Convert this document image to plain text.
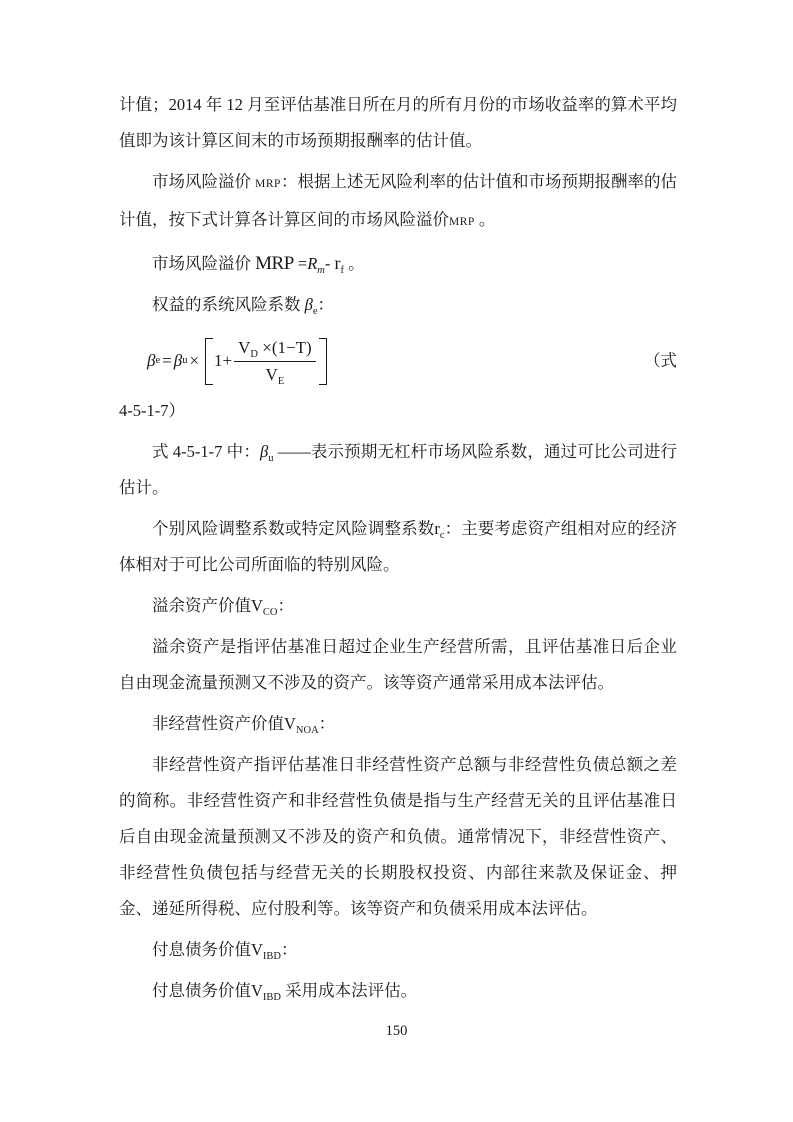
计值；2014 年 12 月至评估基准日所在月的所有月份的市场收益率的算术平均值即为该计算区间末的市场预期报酬率的估计值。

市场风险溢价 MRP：根据上述无风险利率的估计值和市场预期报酬率的估计值，按下式计算各计算区间的市场风险溢价MRP 。

市场风险溢价 MRP $=R_m-$ $r_f$ 。

权益的系统风险系数 $\beta_e$：

β e = β $u \times 1+ \frac{V_D \times(1-T)}{V_E}$	（式

4-5-1-7）

式 4-5-1-7 中：$\beta_u$ ——表示预期无杠杆市场风险系数，通过可比公司进行估计。

个别风险调整系数或特定风险调整系数$r_c$：主要考虑资产组相对应的经济体相对于可比公司所面临的特别风险。

溢余资产价值$V_{CO}$：

溢余资产是指评估基准日超过企业生产经营所需，且评估基准日后企业自由现金流量预测又不涉及的资产。该等资产通常采用成本法评估。

非经营性资产价值$V_{NOA}$：

非经营性资产指评估基准日非经营性资产总额与非经营性负债总额之差的简称。非经营性资产和非经营性负债是指与生产经营无关的且评估基准日后自由现金流量预测又不涉及的资产和负债。通常情况下，非经营性资产、非经营性负债包括与经营无关的长期股权投资、内部往来款及保证金、押金、递延所得税、应付股利等。该等资产和负债采用成本法评估。

付息债务价值$V_{IBD}$：

付息债务价值$V_{IBD}$ 采用成本法评估。

150
